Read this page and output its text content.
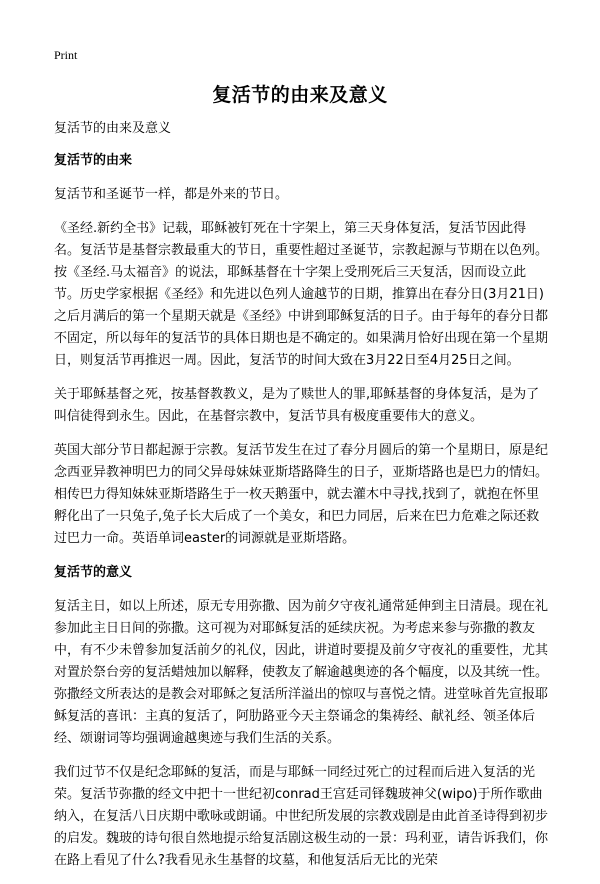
Print
复活节的由来及意义

复活节的由来及意义

复活节的由来

复活节和圣诞节一样，都是外来的节日。

《圣经.新约全书》记载，耶稣被钉死在十字架上，第三天身体复活，复活节因此得名。复活节是基督宗教最重大的节日，重要性超过圣诞节，宗教起源与节期在以色列。按《圣经.马太福音》的说法，耶稣基督在十字架上受刑死后三天复活，因而设立此节。历史学家根据《圣经》和先进以色列人逾越节的日期，推算出在春分日(3月21日)之后月满后的第一个星期天就是《圣经》中讲到耶稣复活的日子。由于每年的春分日都不固定，所以每年的复活节的具体日期也是不确定的。如果满月恰好出现在第一个星期日，则复活节再推迟一周。因此，复活节的时间大致在3月22日至4月25日之间。

关于耶稣基督之死，按基督教教义，是为了赎世人的罪,耶稣基督的身体复活，是为了叫信徒得到永生。因此，在基督宗教中，复活节具有极度重要伟大的意义。

英国大部分节日都起源于宗教。复活节发生在过了春分月圆后的第一个星期日，原是纪念西亚异教神明巴力的同父异母妹妹亚斯塔路降生的日子，亚斯塔路也是巴力的情妇。相传巴力得知妹妹亚斯塔路生于一枚天鹅蛋中，就去灌木中寻找,找到了，就抱在怀里孵化出了一只兔子,兔子长大后成了一个美女，和巴力同居，后来在巴力危难之际还救过巴力一命。英语单词easter的词源就是亚斯塔路。

复活节的意义

复活主日，如以上所述，原无专用弥撒、因为前夕守夜礼通常延伸到主日清晨。现在礼参加此主日日间的弥撒。这可视为对耶稣复活的延续庆祝。为考虑来参与弥撒的教友中，有不少未曾参加复活前夕的礼仪，因此，讲道时要提及前夕守夜礼的重要性，尤其对置於祭台旁的复活蜡烛加以解释，使教友了解逾越奥迹的各个幅度，以及其统一性。弥撒经文所表达的是教会对耶稣之复活所洋溢出的惊叹与喜悦之情。进堂咏首先宣报耶稣复活的喜讯：主真的复活了，阿肋路亚今天主祭诵念的集祷经、献礼经、领圣体后经、颂谢词等均强调逾越奥迹与我们生活的关系。

我们过节不仅是纪念耶稣的复活，而是与耶稣一同经过死亡的过程而后进入复活的光荣。复活节弥撒的经文中把十一世纪初conrad王宫廷司铎魏玻神父(wipo)于所作歌曲纳入，在复活八日庆期中歌咏或朗诵。中世纪所发展的宗教戏剧是由此首圣诗得到初步的启发。魏玻的诗句很自然地提示给复活剧这极生动的一景：玛利亚，请告诉我们，你在路上看见了什么?我看见永生基督的坟墓，和他复活后无比的光荣
